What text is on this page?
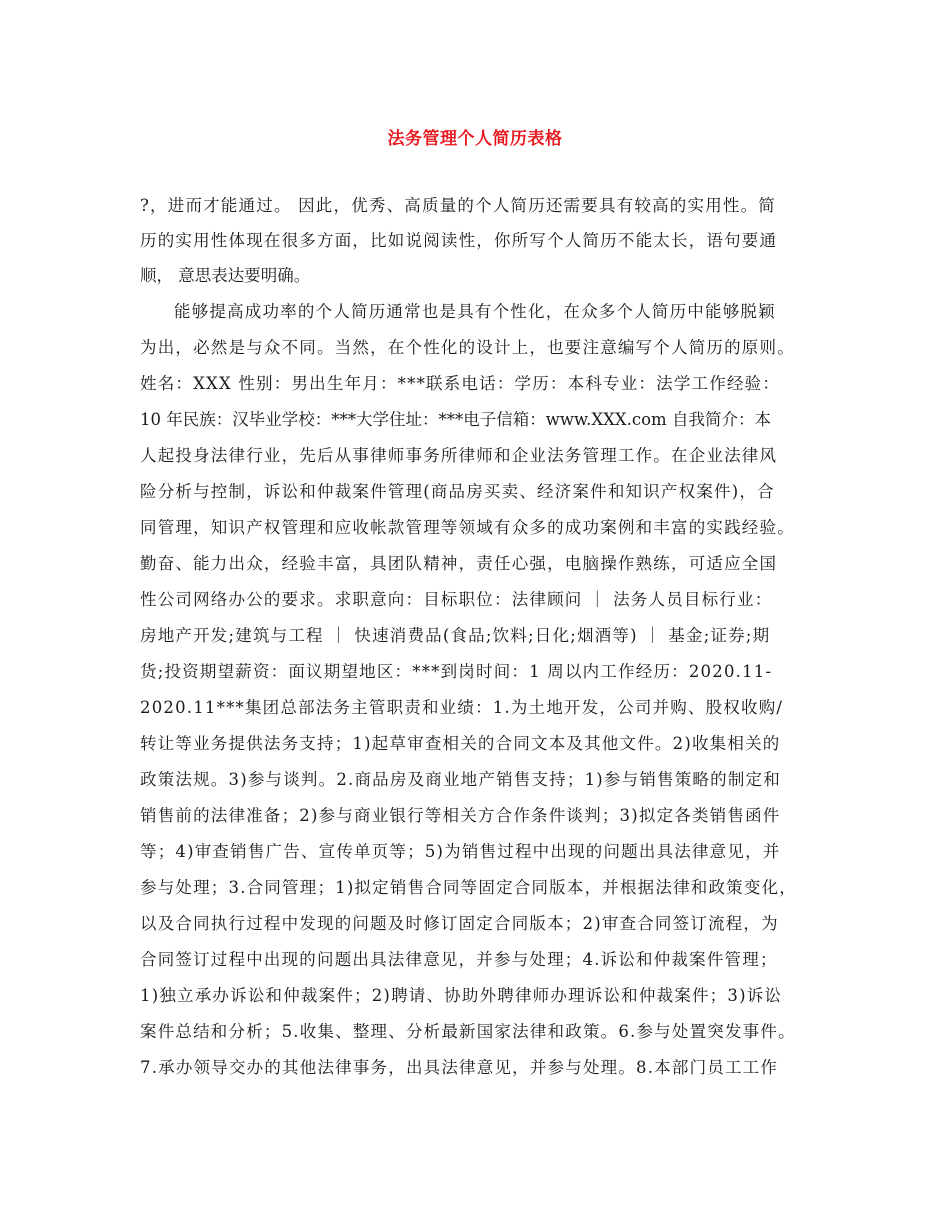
法务管理个人简历表格
?，进而才能通过。 因此，优秀、高质量的个人简历还需要具有较高的实用性。简
历的实用性体现在很多方面，比如说阅读性，你所写个人简历不能太长，语句要通
顺， 意思表达要明确。
能够提高成功率的个人简历通常也是具有个性化，在众多个人简历中能够脱颖
为出，必然是与众不同。当然，在个性化的设计上，也要注意编写个人简历的原则。
姓名：XXX 性别：男出生年月：***联系电话：学历：本科专业：法学工作经验：
10 年民族：汉毕业学校：***大学住址：***电子信箱：www.XXX.com 自我简介：本
人起投身法律行业，先后从事律师事务所律师和企业法务管理工作。在企业法律风
险分析与控制，诉讼和仲裁案件管理(商品房买卖、经济案件和知识产权案件)，合
同管理，知识产权管理和应收帐款管理等领域有众多的成功案例和丰富的实践经验。
勤奋、能力出众，经验丰富，具团队精神，责任心强，电脑操作熟练，可适应全国
性公司网络办公的要求。求职意向：目标职位：法律顾问 ｜ 法务人员目标行业：
房地产开发;建筑与工程 ｜ 快速消费品(食品;饮料;日化;烟酒等) ｜ 基金;证券;期
货;投资期望薪资：面议期望地区：***到岗时间：1 周以内工作经历：2020.11-
2020.11***集团总部法务主管职责和业绩：1.为土地开发，公司并购、股权收购/
转让等业务提供法务支持；1)起草审查相关的合同文本及其他文件。2)收集相关的
政策法规。3)参与谈判。2.商品房及商业地产销售支持；1)参与销售策略的制定和
销售前的法律准备；2)参与商业银行等相关方合作条件谈判；3)拟定各类销售函件
等；4)审查销售广告、宣传单页等；5)为销售过程中出现的问题出具法律意见，并
参与处理；3.合同管理；1)拟定销售合同等固定合同版本，并根据法律和政策变化，
以及合同执行过程中发现的问题及时修订固定合同版本；2)审查合同签订流程，为
合同签订过程中出现的问题出具法律意见，并参与处理；4.诉讼和仲裁案件管理；
1)独立承办诉讼和仲裁案件；2)聘请、协助外聘律师办理诉讼和仲裁案件；3)诉讼
案件总结和分析；5.收集、整理、分析最新国家法律和政策。6.参与处置突发事件。
7.承办领导交办的其他法律事务，出具法律意见，并参与处理。8.本部门员工工作
